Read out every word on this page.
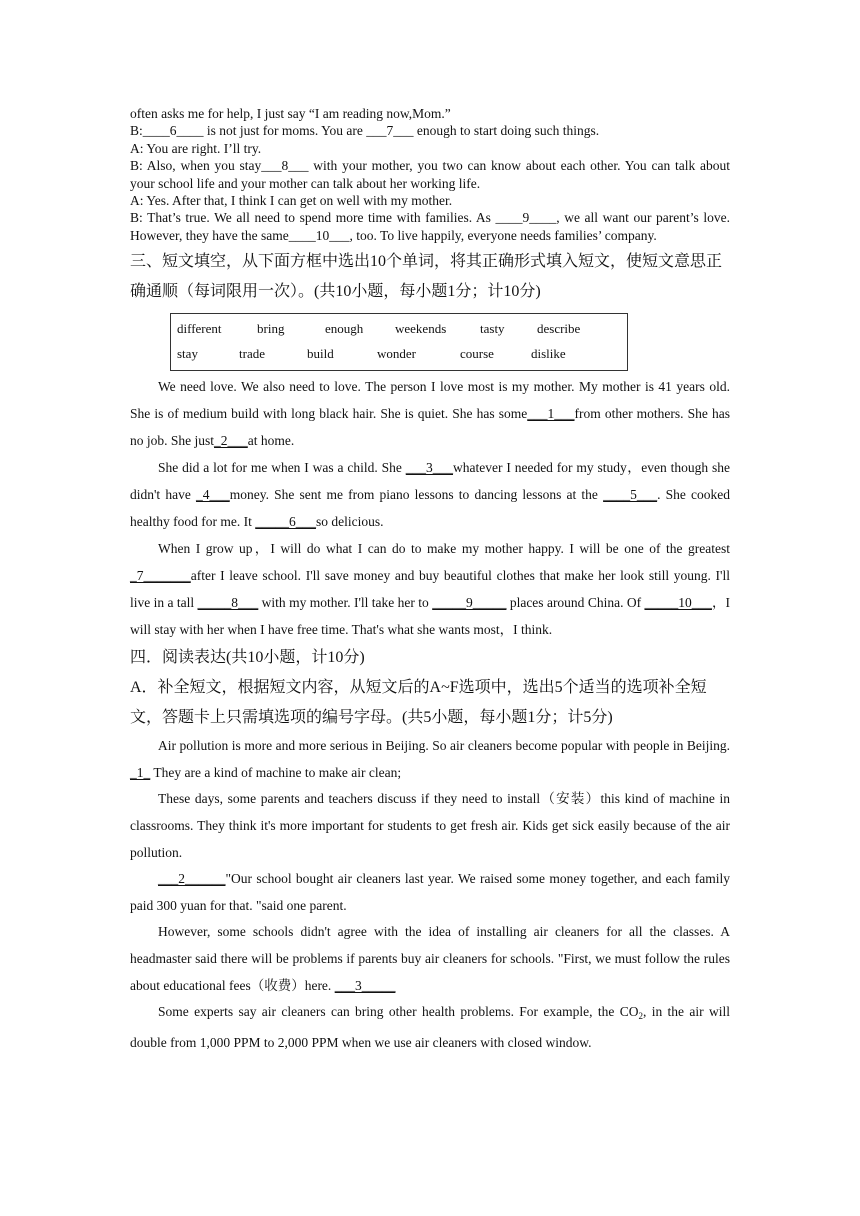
often asks me for help, I just say “I am reading now,Mom.”
B:____6____ is not just for moms. You are ___7___ enough to start doing such things.
A: You are right. I’ll try.
B: Also, when you stay___8___ with your mother, you two can know about each other. You can talk about your school life and your mother can talk about her working life.
A: Yes. After that, I think I can get on well with my mother.
B: That’s true. We all need to spend more time with families. As ____9____, we all want our parent’s love. However, they have the same____10___, too. To live happily, everyone needs families’ company.

三、短文填空，从下面方框中选出10个单词，将其正确形式填入短文，使短文意思正确通顺（每词限用一次）。(共10小题，每小题1分；计10分)

different	bring	enough	weekends	tasty	describe
stay	trade	build	wonder	course	dislike

We need love. We also need to love. The person I love most is my mother. My mother is 41 years old. She is of medium build with long black hair. She is quiet. She has some___1___from other mothers. She has no job. She just_2___at home.

She did a lot for me when I was a child. She ___3___whatever I needed for my study，even though she didn't have _4___money. She sent me from piano lessons to dancing lessons at the ____5___. She cooked healthy food for me. It _____6___so delicious.

When I grow up，I will do what I can do to make my mother happy. I will be one of the greatest _7_______after I leave school. I'll save money and buy beautiful clothes that make her look still young. I'll live in a tall _____8___ with my mother. I'll take her to _____9_____ places around China. Of _____10___，I will stay with her when I have free time. That's what she wants most，I think.

四．阅读表达(共10小题，计10分)

A．补全短文，根据短文内容，从短文后的A~F选项中，选出5个适当的选项补全短文，答题卡上只需填选项的编号字母。(共5小题，每小题1分；计5分)

Air pollution is more and more serious in Beijing. So air cleaners become popular with people in Beijing. _1_ They are a kind of machine to make air clean;

These days, some parents and teachers discuss if they need to install（安装）this kind of machine in classrooms. They think it's more important for students to get fresh air. Kids get sick easily because of the air pollution.

___2______"Our school bought air cleaners last year. We raised some money together, and each family paid 300 yuan for that. "said one parent.

However, some schools didn't agree with the idea of installing air cleaners for all the classes. A headmaster said there will be problems if parents buy air cleaners for schools. "First, we must follow the rules about educational fees（收费）here. ___3_____

Some experts say air cleaners can bring other health problems. For example, the $CO_2$, in the air will double from 1,000 PPM to 2,000 PPM when we use air cleaners with closed window.
